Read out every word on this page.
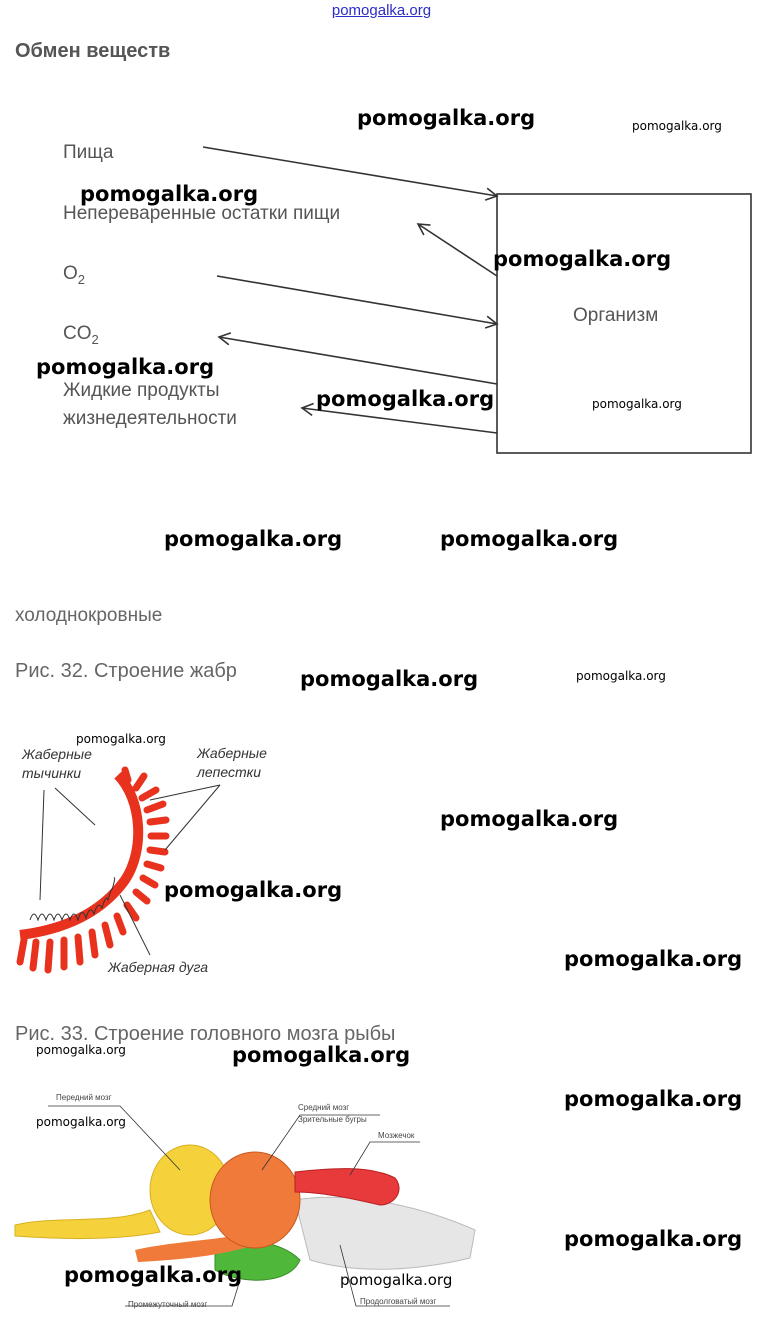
pomogalka.org
Обмен веществ
Пища
Непереваренные остатки пищи
$O_2$
$CO_2$
Жидкие продукты
жизнедеятельности
Организм
холоднокровные
Рис. 32. Строение жабр
Жаберные
тычинки
Жаберные
лепестки
Жаберная дуга
Рис. 33. Строение головного мозга рыбы
Передний мозг
Средний мозг
Зрительные бугры
Мозжечок
Промежуточный мозг	Продолговатый мозг
pomogalka.org	pomogalka.org
pomogalka.org
pomogalka.org
pomogalka.org
pomogalka.org	pomogalka.org
pomogalka.org	pomogalka.org
pomogalka.org	pomogalka.org
pomogalka.org
pomogalka.org
pomogalka.org
pomogalka.org
pomogalka.org	pomogalka.org
pomogalka.org
pomogalka.org
pomogalka.org
pomogalka.org	pomogalka.org
